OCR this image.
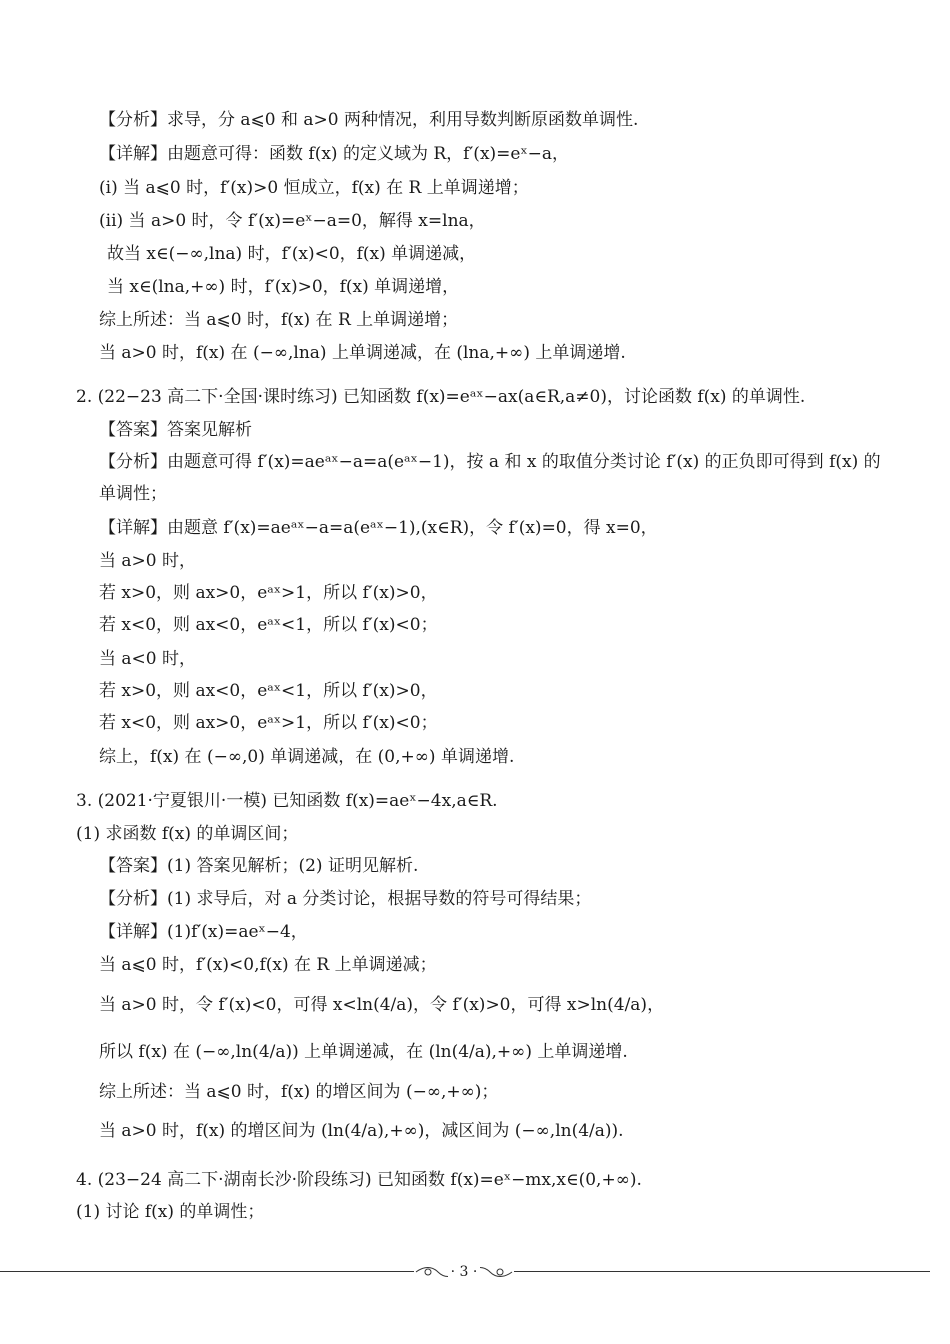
【分析】求导，分 a⩽0 和 a>0 两种情况，利用导数判断原函数单调性.
【详解】由题意可得：函数 f(x) 的定义域为 R，f′(x)=eˣ−a，
(i) 当 a⩽0 时，f′(x)>0 恒成立，f(x) 在 R 上单调递增；
(ii) 当 a>0 时，令 f′(x)=eˣ−a=0，解得 x=lna，
故当 x∈(−∞,lna) 时，f′(x)<0，f(x) 单调递减，
当 x∈(lna,+∞) 时，f′(x)>0，f(x) 单调递增，
综上所述：当 a⩽0 时，f(x) 在 R 上单调递增；
当 a>0 时，f(x) 在 (−∞,lna) 上单调递减，在 (lna,+∞) 上单调递增.
2. (22−23 高二下·全国·课时练习) 已知函数 f(x)=eᵃˣ−ax(a∈R,a≠0)，讨论函数 f(x) 的单调性.
【答案】答案见解析
【分析】由题意可得 f′(x)=aeᵃˣ−a=a(eᵃˣ−1)，按 a 和 x 的取值分类讨论 f′(x) 的正负即可得到 f(x) 的
单调性；
【详解】由题意 f′(x)=aeᵃˣ−a=a(eᵃˣ−1),(x∈R)，令 f′(x)=0，得 x=0，
当 a>0 时，
若 x>0，则 ax>0，eᵃˣ>1，所以 f′(x)>0，
若 x<0，则 ax<0，eᵃˣ<1，所以 f′(x)<0；
当 a<0 时，
若 x>0，则 ax<0，eᵃˣ<1，所以 f′(x)>0，
若 x<0，则 ax>0，eᵃˣ>1，所以 f′(x)<0；
综上，f(x) 在 (−∞,0) 单调递减，在 (0,+∞) 单调递增.
3. (2021·宁夏银川·一模) 已知函数 f(x)=aeˣ−4x,a∈R.
(1) 求函数 f(x) 的单调区间；
【答案】(1) 答案见解析；(2) 证明见解析.
【分析】(1) 求导后，对 a 分类讨论，根据导数的符号可得结果；
【详解】(1)f′(x)=aeˣ−4，
当 a⩽0 时，f′(x)<0,f(x) 在 R 上单调递减；
当 a>0 时，令 f′(x)<0，可得 x<ln(4/a)，令 f′(x)>0，可得 x>ln(4/a)，
所以 f(x) 在 (−∞,ln(4/a)) 上单调递减，在 (ln(4/a),+∞) 上单调递增.
综上所述：当 a⩽0 时，f(x) 的增区间为 (−∞,+∞)；
当 a>0 时，f(x) 的增区间为 (ln(4/a),+∞)，减区间为 (−∞,ln(4/a)).
4. (23−24 高二下·湖南长沙·阶段练习) 已知函数 f(x)=eˣ−mx,x∈(0,+∞).
(1) 讨论 f(x) 的单调性；
· 3 ·
